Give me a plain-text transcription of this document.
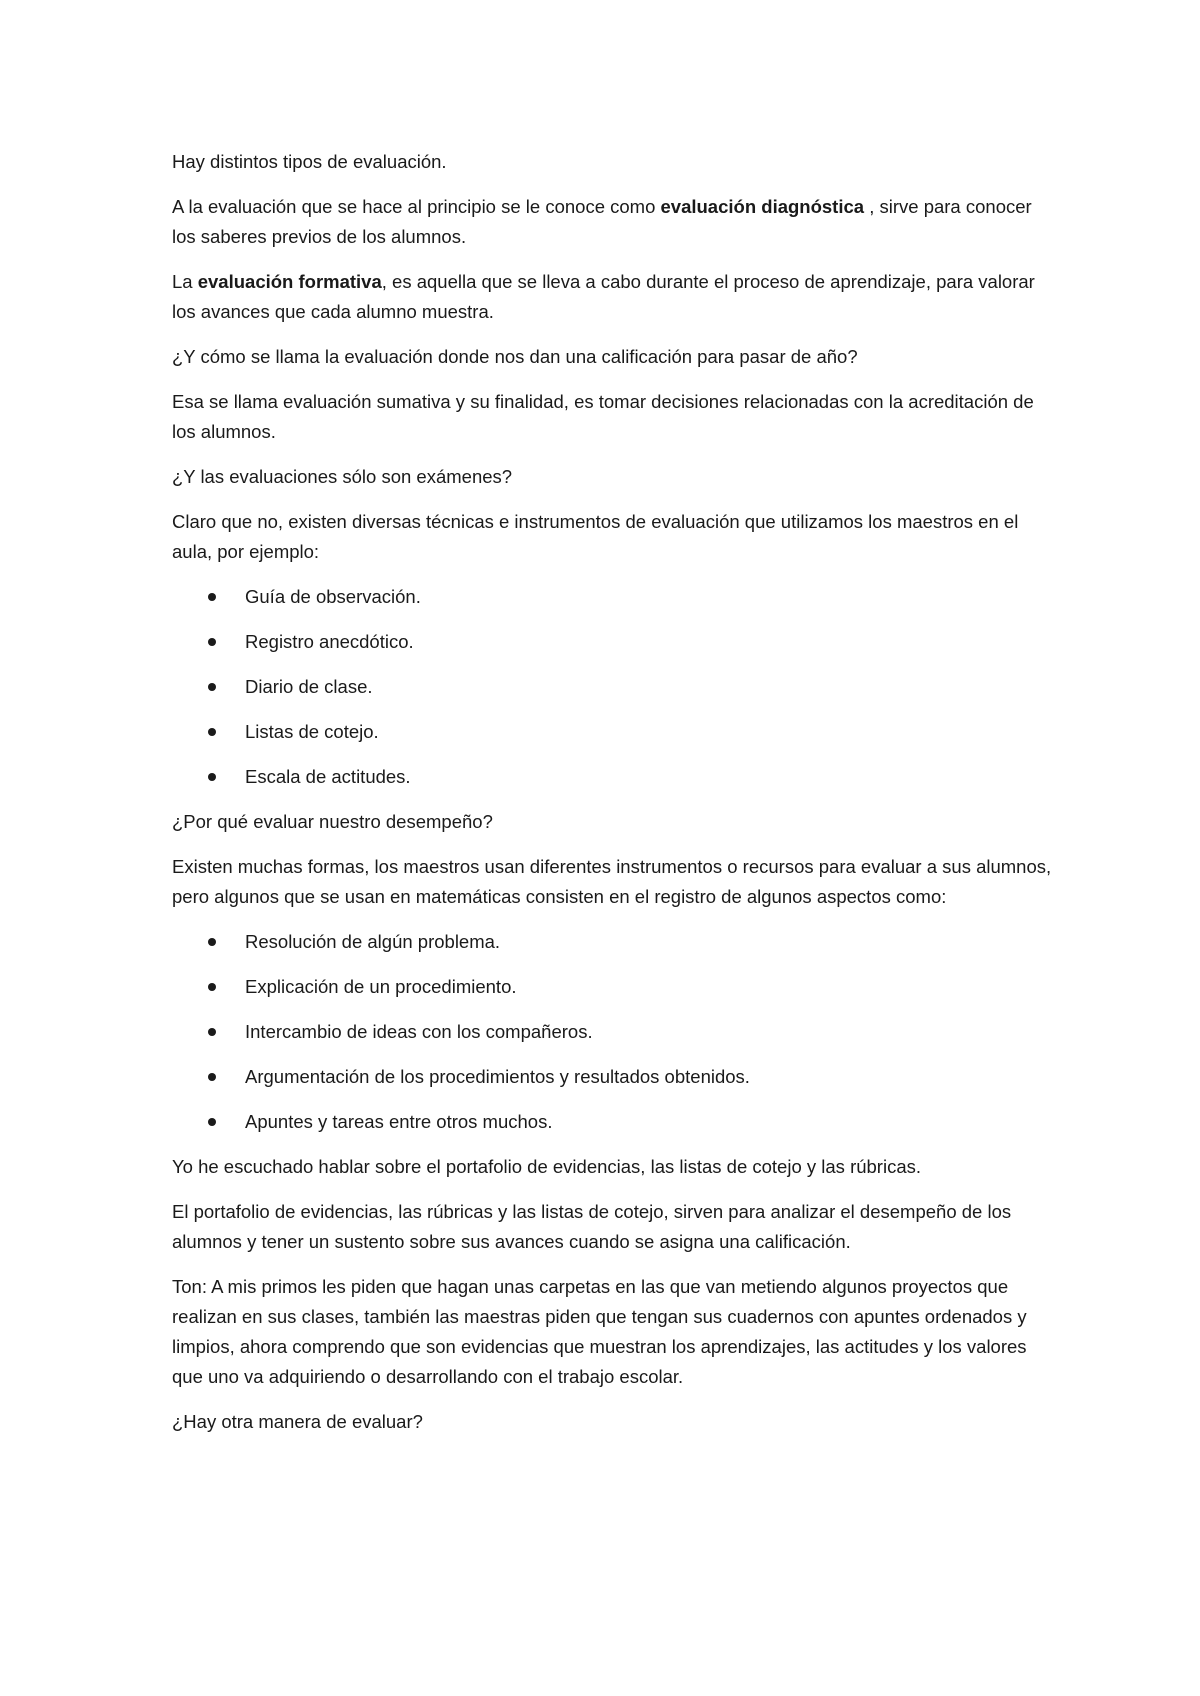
Hay distintos tipos de evaluación.

A la evaluación que se hace al principio se le conoce como evaluación diagnóstica , sirve para conocer los saberes previos de los alumnos.

La evaluación formativa, es aquella que se lleva a cabo durante el proceso de aprendizaje, para valorar los avances que cada alumno muestra.

¿Y cómo se llama la evaluación donde nos dan una calificación para pasar de año?

Esa se llama evaluación sumativa y su finalidad, es tomar decisiones relacionadas con la acreditación de los alumnos.

¿Y las evaluaciones sólo son exámenes?

Claro que no, existen diversas técnicas e instrumentos de evaluación que utilizamos los maestros en el aula, por ejemplo:

Guía de observación.
Registro anecdótico.
Diario de clase.
Listas de cotejo.
Escala de actitudes.

¿Por qué evaluar nuestro desempeño?

Existen muchas formas, los maestros usan diferentes instrumentos o recursos para evaluar a sus alumnos, pero algunos que se usan en matemáticas consisten en el registro de algunos aspectos como:

Resolución de algún problema.
Explicación de un procedimiento.
Intercambio de ideas con los compañeros.
Argumentación de los procedimientos y resultados obtenidos.
Apuntes y tareas entre otros muchos.

Yo he escuchado hablar sobre el portafolio de evidencias, las listas de cotejo y las rúbricas.

El portafolio de evidencias, las rúbricas y las listas de cotejo, sirven para analizar el desempeño de los alumnos y tener un sustento sobre sus avances cuando se asigna una calificación.

Ton: A mis primos les piden que hagan unas carpetas en las que van metiendo algunos proyectos que realizan en sus clases, también las maestras piden que tengan sus cuadernos con apuntes ordenados y limpios, ahora comprendo que son evidencias que muestran los aprendizajes, las actitudes y los valores que uno va adquiriendo o desarrollando con el trabajo escolar.

¿Hay otra manera de evaluar?
